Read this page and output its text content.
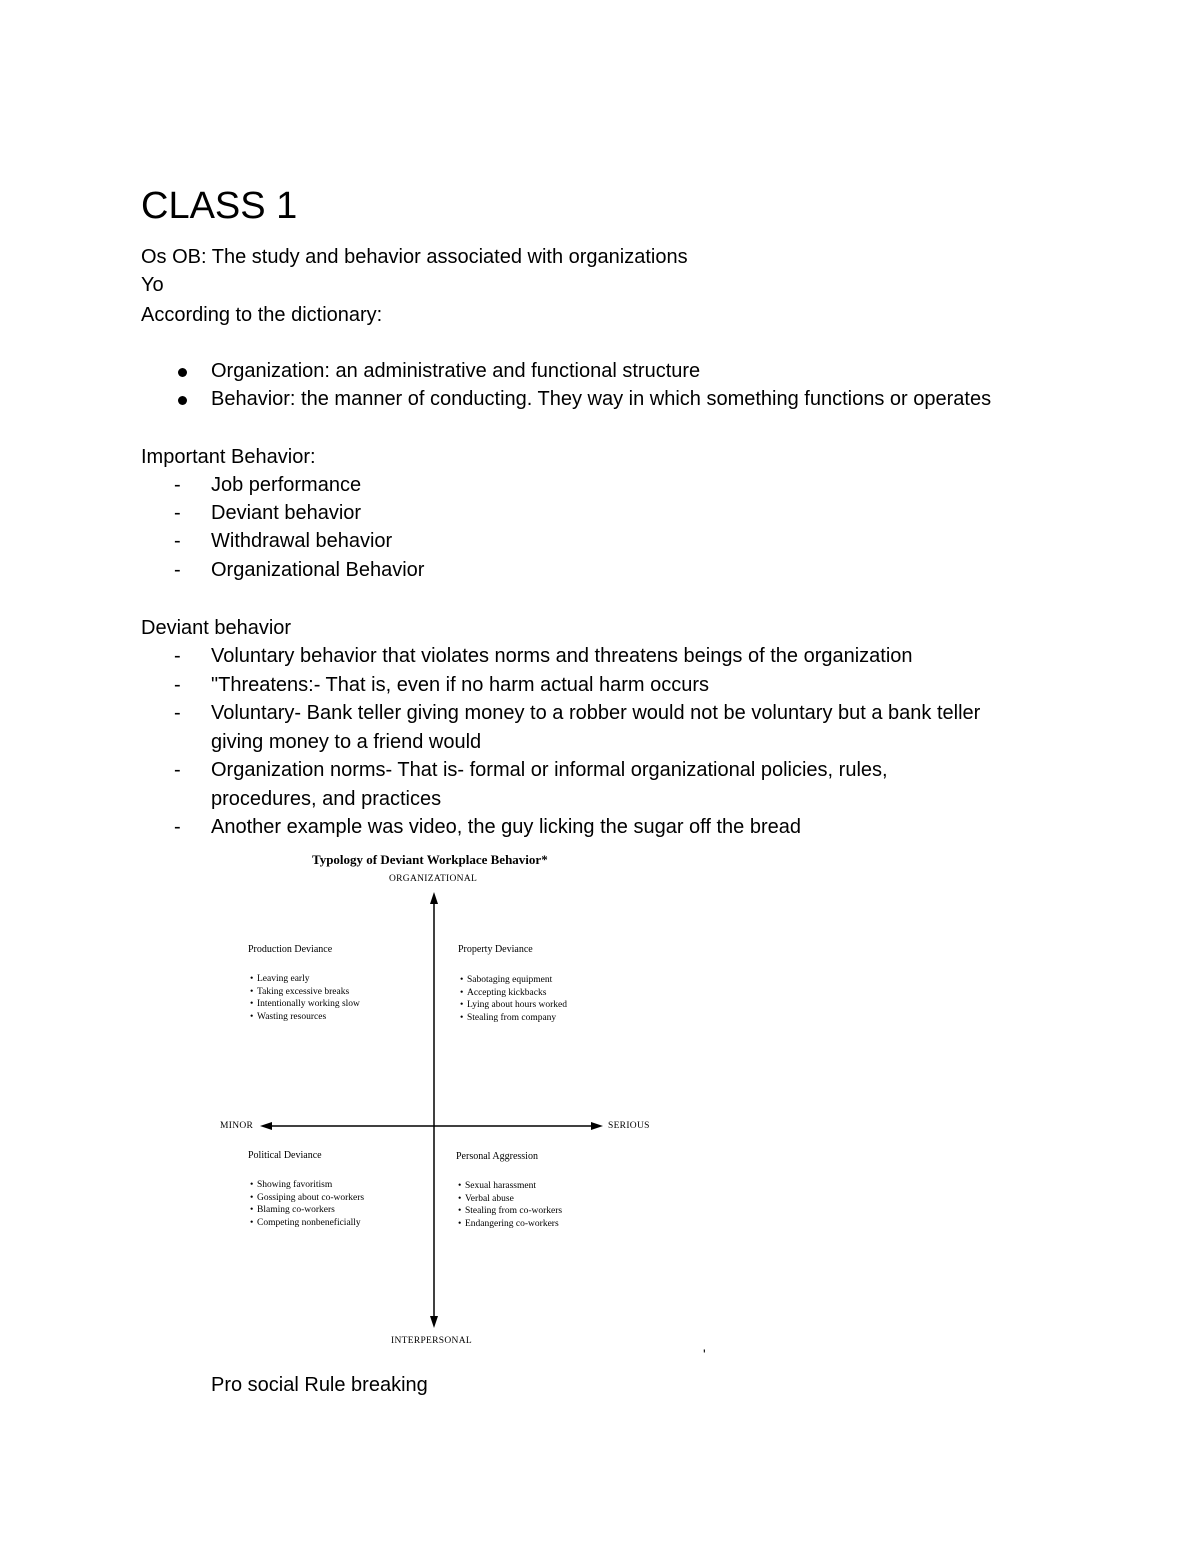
CLASS 1
Os OB: The study and behavior associated with organizations
Yo
According to the dictionary:
Organization: an administrative and functional structure
Behavior: the manner of conducting. They way in which something functions or operates
Important Behavior:
- Job performance
- Deviant behavior
- Withdrawal behavior
- Organizational Behavior
Deviant behavior
- Voluntary behavior that violates norms and threatens beings of the organization
- "Threatens:- That is, even if no harm actual harm occurs
- Voluntary- Bank teller giving money to a robber would not be voluntary but a bank teller
giving money to a friend would
- Organization norms- That is- formal or informal organizational policies, rules,
procedures, and practices
- Another example was video, the guy licking the sugar off the bread
Typology of Deviant Workplace Behavior*
ORGANIZATIONAL
INTERPERSONAL
MINOR	SERIOUS
Production Deviance
• Leaving early
• Taking excessive breaks
• Intentionally working slow
• Wasting resources
Property Deviance
• Sabotaging equipment
• Accepting kickbacks
• Lying about hours worked
• Stealing from company
Political Deviance
• Showing favoritism
• Gossiping about co-workers
• Blaming co-workers
• Competing nonbeneficially
Personal Aggression
• Sexual harassment
• Verbal abuse
• Stealing from co-workers
• Endangering co-workers
'
Pro social Rule breaking
